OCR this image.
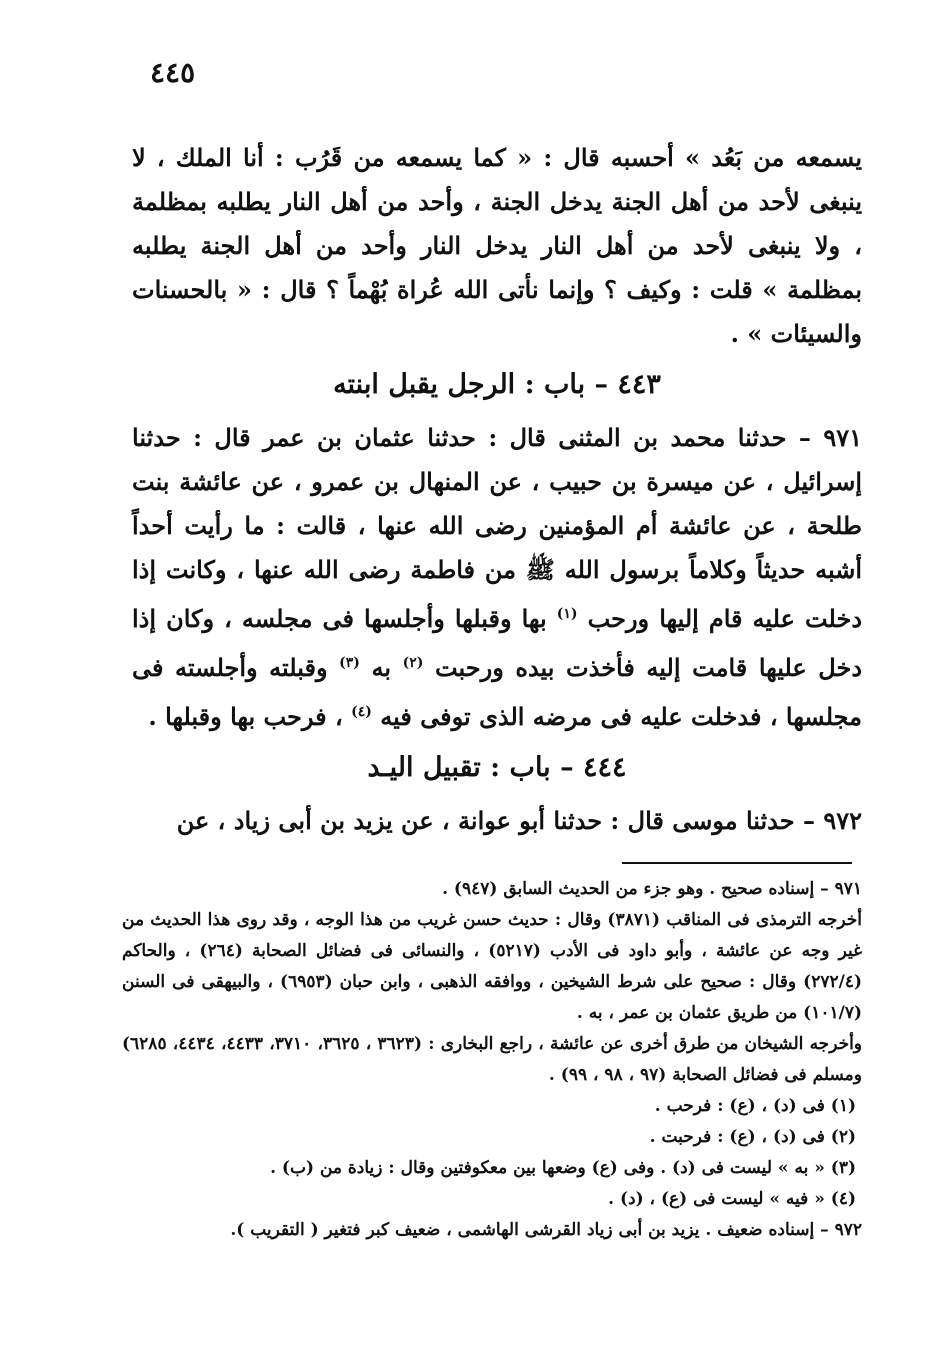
٤٤٥

يسمعه من بَعُد » أحسبه قال : « كما يسمعه من قَرُب : أنا الملك ، لا ينبغى لأحد من أهل الجنة يدخل الجنة ، وأحد من أهل النار يطلبه بمظلمة ، ولا ينبغى لأحد من أهل النار يدخل النار وأحد من أهل الجنة يطلبه بمظلمة » قلت : وكيف ؟ وإنما نأتى الله عُراة بُهْماً ؟ قال : « بالحسنات والسيئات » .

٤٤٣ – باب : الرجل يقبل ابنته

٩٧١ – حدثنا محمد بن المثنى قال : حدثنا عثمان بن عمر قال : حدثنا إسرائيل ، عن ميسرة بن حبيب ، عن المنهال بن عمرو ، عن عائشة بنت طلحة ، عن عائشة أم المؤمنين رضى الله عنها ، قالت : ما رأيت أحداً أشبه حديثاً وكلاماً برسول الله ﷺ من فاطمة رضى الله عنها ، وكانت إذا دخلت عليه قام إليها ورحب $^{(١)}$ بها وقبلها وأجلسها فى مجلسه ، وكان إذا دخل عليها قامت إليه فأخذت بيده ورحبت $^{(٢)}$ به $^{(٣)}$ وقبلته وأجلسته فى مجلسها ، فدخلت عليه فى مرضه الذى توفى فيه $^{(٤)}$ ، فرحب بها وقبلها .

٤٤٤ – باب : تقبيل اليـد

٩٧٢ – حدثنا موسى قال : حدثنا أبو عوانة ، عن يزيد بن أبى زياد ، عن

٩٧١ – إسناده صحيح . وهو جزء من الحديث السابق (٩٤٧) .

أخرجه الترمذى فى المناقب (٣٨٧١) وقال : حديث حسن غريب من هذا الوجه ، وقد روى هذا الحديث من غير وجه عن عائشة ، وأبو داود فى الأدب (٥٢١٧) ، والنسائى فى فضائل الصحابة (٢٦٤) ، والحاكم (٢٧٢/٤) وقال : صحيح على شرط الشيخين ، ووافقه الذهبى ، وابن حبان (٦٩٥٣) ، والبيهقى فى السنن (١٠١/٧) من طريق عثمان بن عمر ، به .

وأخرجه الشيخان من طرق أخرى عن عائشة ، راجع البخارى : (٣٦٢٣ ، ٣٦٢٥، ٣٧١٠، ٤٤٣٣، ٤٤٣٤، ٦٢٨٥) ومسلم فى فضائل الصحابة (٩٧ ، ٩٨ ، ٩٩) .

(١) فى (د) ، (ع) : فرحب .

(٢) فى (د) ، (ع) : فرحبت .

(٣) « به » ليست فى (د) . وفى (ع) وضعها بين معكوفتين وقال : زيادة من (ب) .

(٤) « فيه » ليست فى (ع) ، (د) .

٩٧٢ – إسناده ضعيف . يزيد بن أبى زياد القرشى الهاشمى ، ضعيف كبر فتغير ( التقريب ).
